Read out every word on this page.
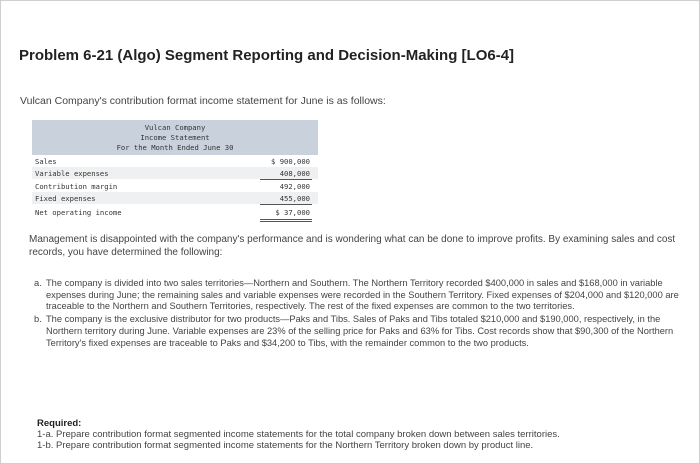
Problem 6-21 (Algo) Segment Reporting and Decision-Making [LO6-4]
Vulcan Company's contribution format income statement for June is as follows:
Vulcan Company
Income Statement
For the Month Ended June 30
Sales	$ 900,000
Variable expenses	408,000
Contribution margin	492,000
Fixed expenses	455,000
Net operating income	$ 37,000

Management is disappointed with the company's performance and is wondering what can be done to improve profits. By examining sales and cost records, you have determined the following:

a. The company is divided into two sales territories—Northern and Southern. The Northern Territory recorded $400,000 in sales and $168,000 in variable expenses during June; the remaining sales and variable expenses were recorded in the Southern Territory. Fixed expenses of $204,000 and $120,000 are traceable to the Northern and Southern Territories, respectively. The rest of the fixed expenses are common to the two territories.
b. The company is the exclusive distributor for two products—Paks and Tibs. Sales of Paks and Tibs totaled $210,000 and $190,000, respectively, in the Northern territory during June. Variable expenses are 23% of the selling price for Paks and 63% for Tibs. Cost records show that $90,300 of the Northern Territory's fixed expenses are traceable to Paks and $34,200 to Tibs, with the remainder common to the two products.
Required:
1-a. Prepare contribution format segmented income statements for the total company broken down between sales territories.
1-b. Prepare contribution format segmented income statements for the Northern Territory broken down by product line.
